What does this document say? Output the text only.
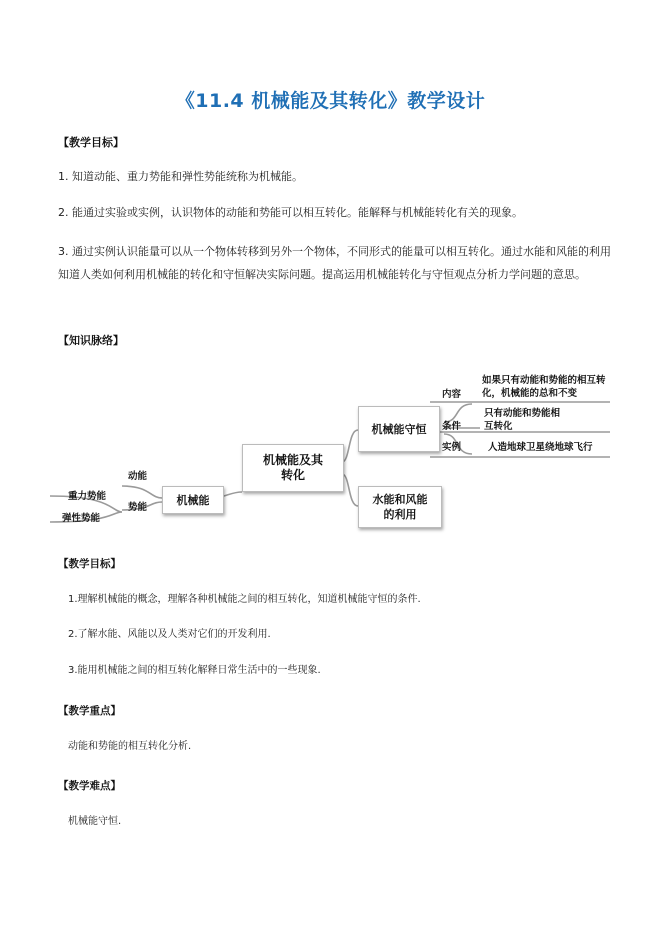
《11.4 机械能及其转化》教学设计
【教学目标】
1. 知道动能、重力势能和弹性势能统称为机械能。
2. 能通过实验或实例，认识物体的动能和势能可以相互转化。能解释与机械能转化有关的现象。
3. 通过实例认识能量可以从一个物体转移到另外一个物体，不同形式的能量可以相互转化。通过水能和风能的利用知道人类如何利用机械能的转化和守恒解决实际问题。提高运用机械能转化与守恒观点分析力学问题的意思。
【知识脉络】
机械能及其转化
机械能守恒
水能和风能的利用
机械能
动能
势能
重力势能
弹性势能
内容
如果只有动能和势能的相互转化，机械能的总和不变
条件
只有动能和势能相互转化
实例	人造地球卫星绕地球飞行
【教学目标】
1.理解机械能的概念，理解各种机械能之间的相互转化，知道机械能守恒的条件.
2.了解水能、风能以及人类对它们的开发利用.
3.能用机械能之间的相互转化解释日常生活中的一些现象.
【教学重点】
动能和势能的相互转化分析.
【教学难点】
机械能守恒.
